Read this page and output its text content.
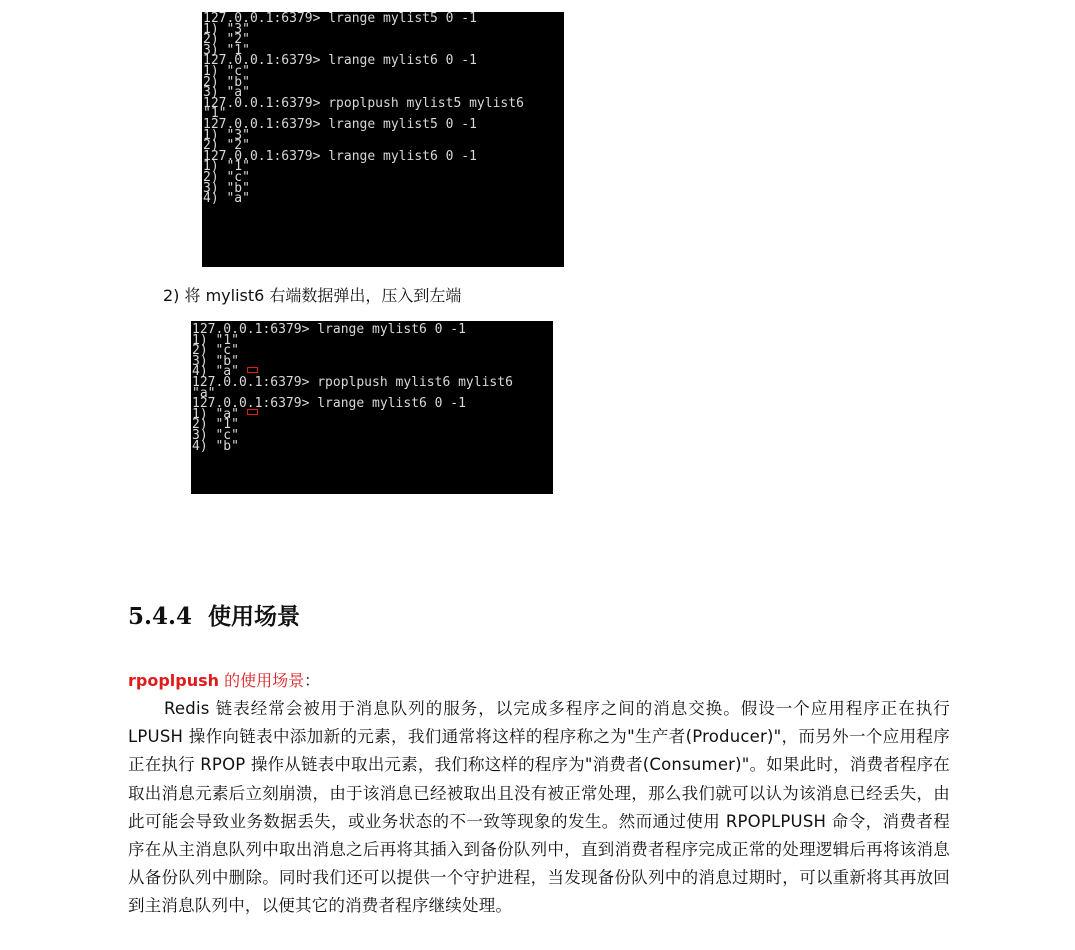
127.0.0.1:6379> lrange mylist5 0 -1
1) "3"
2) "2"
3) "1"
127.0.0.1:6379> lrange mylist6 0 -1
1) "c"
2) "b"
3) "a"
127.0.0.1:6379> rpoplpush mylist5 mylist6
"1"
127.0.0.1:6379> lrange mylist5 0 -1
1) "3"
2) "2"
127.0.0.1:6379> lrange mylist6 0 -1
1) "1"
2) "c"
3) "b"
4) "a"
2) 将 mylist6 右端数据弹出，压入到左端
127.0.0.1:6379> lrange mylist6 0 -1
1) "1"
2) "c"
3) "b"
4) "a"
127.0.0.1:6379> rpoplpush mylist6 mylist6
"a"
127.0.0.1:6379> lrange mylist6 0 -1
1) "a"
2) "1"
3) "c"
4) "b"
5.4.4 使用场景
rpoplpush 的使用场景：
Redis 链表经常会被用于消息队列的服务，以完成多程序之间的消息交换。假设一个应用程序正在执行 LPUSH 操作向链表中添加新的元素，我们通常将这样的程序称之为"生产者(Producer)"，而另外一个应用程序正在执行 RPOP 操作从链表中取出元素，我们称这样的程序为"消费者(Consumer)"。如果此时，消费者程序在取出消息元素后立刻崩溃，由于该消息已经被取出且没有被正常处理，那么我们就可以认为该消息已经丢失，由此可能会导致业务数据丢失，或业务状态的不一致等现象的发生。然而通过使用 RPOPLPUSH 命令，消费者程序在从主消息队列中取出消息之后再将其插入到备份队列中，直到消费者程序完成正常的处理逻辑后再将该消息从备份队列中删除。同时我们还可以提供一个守护进程，当发现备份队列中的消息过期时，可以重新将其再放回到主消息队列中，以便其它的消费者程序继续处理。
